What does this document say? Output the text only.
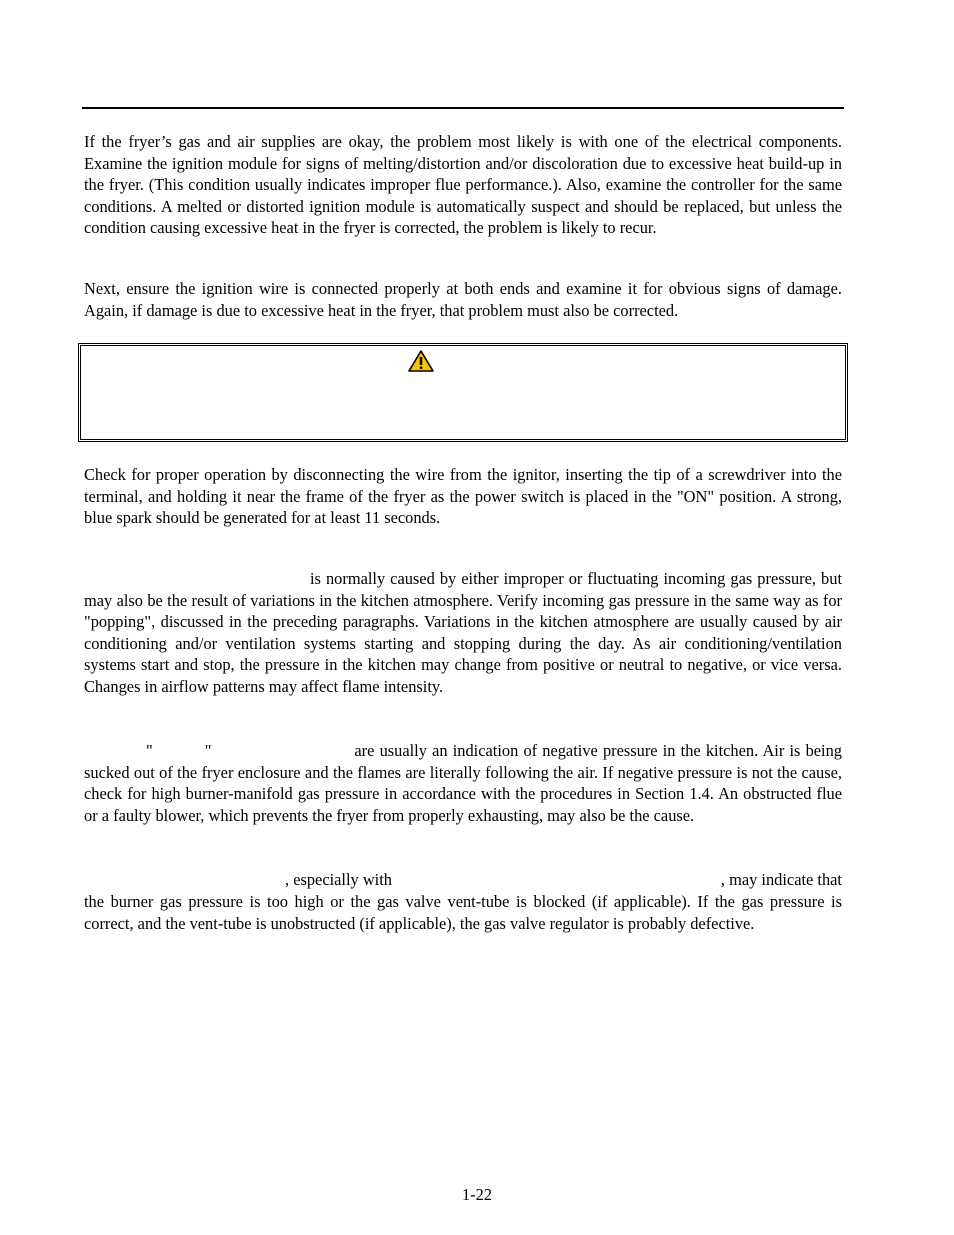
If the fryer’s gas and air supplies are okay, the problem most likely is with one of the electrical components. Examine the ignition module for signs of melting/distortion and/or discoloration due to excessive heat build-up in the fryer. (This condition usually indicates improper flue performance.). Also, examine the controller for the same conditions. A melted or distorted ignition module is automatically suspect and should be replaced, but unless the condition causing excessive heat in the fryer is corrected, the problem is likely to recur.

Next, ensure the ignition wire is connected properly at both ends and examine it for obvious signs of damage. Again, if damage is due to excessive heat in the fryer, that problem must also be corrected.

Check for proper operation by disconnecting the wire from the ignitor, inserting the tip of a screwdriver into the terminal, and holding it near the frame of the fryer as the power switch is placed in the "ON" position. A strong, blue spark should be generated for at least 11 seconds.

is normally caused by either improper or fluctuating incoming gas pressure, but may also be the result of variations in the kitchen atmosphere. Verify incoming gas pressure in the same way as for "popping", discussed in the preceding paragraphs. Variations in the kitchen atmosphere are usually caused by air conditioning and/or ventilation systems starting and stopping during the day. As air conditioning/ventilation systems start and stop, the pressure in the kitchen may change from positive or neutral to negative, or vice versa. Changes in airflow patterns may affect flame intensity.

"	"	are usually an indication of negative pressure in the kitchen. Air is being sucked out of the fryer enclosure and the flames are literally following the air. If negative pressure is not the cause, check for high burner-manifold gas pressure in accordance with the procedures in Section 1.4. An obstructed flue or a faulty blower, which prevents the fryer from properly exhausting, may also be the cause.

, especially with	, may indicate that

the burner gas pressure is too high or the gas valve vent-tube is blocked (if applicable). If the gas pressure is correct, and the vent-tube is unobstructed (if applicable), the gas valve regulator is probably defective.

1-22
